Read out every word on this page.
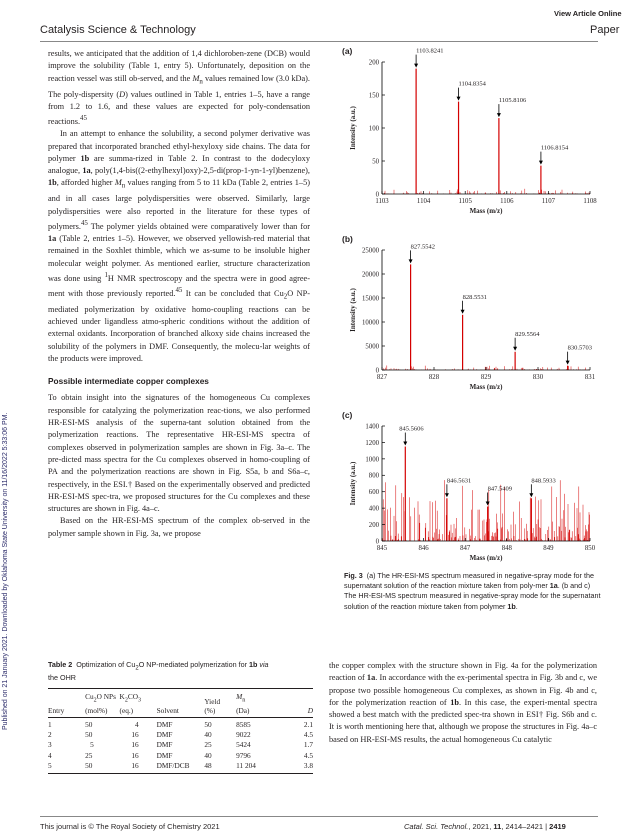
View Article Online
Catalysis Science & Technology	Paper
Published on 21 January 2021. Downloaded by Oklahoma State University on 11/16/2022 5:33:06 PM.

results, we anticipated that the addition of 1,4 dichloroben-zene (DCB) would improve the solubility (Table 1, entry 5). Unfortunately, deposition on the reaction vessel was still ob-served, and the $M_n$ values remained low (3.0 kDa). The poly-dispersity (D) values outlined in Table 1, entries 1–5, have a range from 1.2 to 1.6, and these values are expected for poly-condensation reactions.$^{45}$

In an attempt to enhance the solubility, a second polymer derivative was prepared that incorporated branched ethyl-hexyloxy side chains. The data for polymer 1b are summa-rized in Table 2. In contrast to the dodecyloxy analogue, 1a, poly(1,4-bis((2-ethylhexyl)oxy)-2,5-di(prop-1-yn-1-yl)benzene), 1b, afforded higher $M_n$ values ranging from 5 to 11 kDa (Table 2, entries 1–5) and in all cases large polydispersities were observed. Similarly, large polydispersities were also reported in the literature for these types of polymers.$^{45}$ The polymer yields obtained were comparatively lower than for 1a (Table 2, entries 1–5). However, we observed yellowish-red material that remained in the Soxhlet thimble, which we as-sume to be insoluble higher molecular weight polymer. As mentioned earlier, structure characterization was done using $^1$H NMR spectroscopy and the spectra were in good agree-ment with those previously reported.$^{45}$ It can be concluded that $Cu_2O$ NP-mediated polymerization by oxidative homo-coupling reactions can be achieved under ligandless atmo-spheric conditions without the addition of external oxidants. Incorporation of branched alkoxy side chains increased the solubility of the polymers in DMF. Consequently, the molecu-lar weights of the products were improved.

Possible intermediate copper complexes

To obtain insight into the signatures of the homogeneous Cu complexes responsible for catalyzing the polymerization reac-tions, we also performed HR-ESI-MS analysis of the superna-tant solution obtained from the polymerization reactions. The representative HR-ESI-MS spectra of complexes observed in polymerization samples are shown in Fig. 3a–c. The pre-dicted mass spectra for the Cu complexes observed in homo-coupling of PA and the polymerization reactions are shown in Fig. S5a, b and S6a–c, respectively, in the ESI.† Based on the experimentally observed and predicted HR-ESI-MS spec-tra, we proposed structures for the Cu complexes and these structures are shown in Fig. 4a–c.

Based on the HR-ESI-MS spectrum of the complex ob-served in the polymer sample shown in Fig. 3a, we propose

(a)	1103.8241
1104.8354
1105.8106
1106.8154
1103	1104	1105	1106	1107	1108
0
50
100
150
200
Mass (m/z)
Intensity (a.u.)
(b)
827.5542
828.5531
829.5564
830.5703
827	828	829	830	831
0
5000
10000
15000
20000
25000
Mass (m/z)
Intensity (a.u.)
(c)
845.5606
846.5631
847.5409
848.5933
845	846	847	848	849	850
0
200
400
600
800
1000
1200
1400
Mass (m/z)
Intensity (a.u.)
Fig. 3 (a) The HR-ESI-MS spectrum measured in negative-spray mode for the supernatant solution of the reaction mixture taken from poly-mer 1a. (b and c) The HR-ESI-MS spectrum measured in negative-spray mode for the supernatant solution of the reaction mixture taken from polymer 1b.
Table 2 Optimization of $Cu_2O$ NP-mediated polymerization for 1b via
the OHR
Entry	$Cu_2O$ NPs
(mol%)	$K_2CO_3$
(eq.)	Solvent	Yield
(%)	$M_n$
(Da)	D
1	50	4	DMF	50	8585	2.1
2	50	16	DMF	40	9022	4.5
3	5	16	DMF	25	5424	1.7
4	25	16	DMF	40	9796	4.5
5	50	16	DMF/DCB	48	11 204	3.8
the copper complex with the structure shown in Fig. 4a for the polymerization reaction of 1a. In accordance with the ex-perimental spectra in Fig. 3b and c, we propose two possible homogeneous Cu complexes, as shown in Fig. 4b and c, for the polymerization reaction of 1b. In this case, the experi-mental spectra showed a best match with the predicted spec-tra shown in ESI† Fig. S6b and c. It is worth mentioning here that, although we propose the structures in Fig. 4a–c based on HR-ESI-MS results, the actual homogeneous Cu catalytic
This journal is © The Royal Society of Chemistry 2021	Catal. Sci. Technol., 2021, 11, 2414–2421 | 2419
